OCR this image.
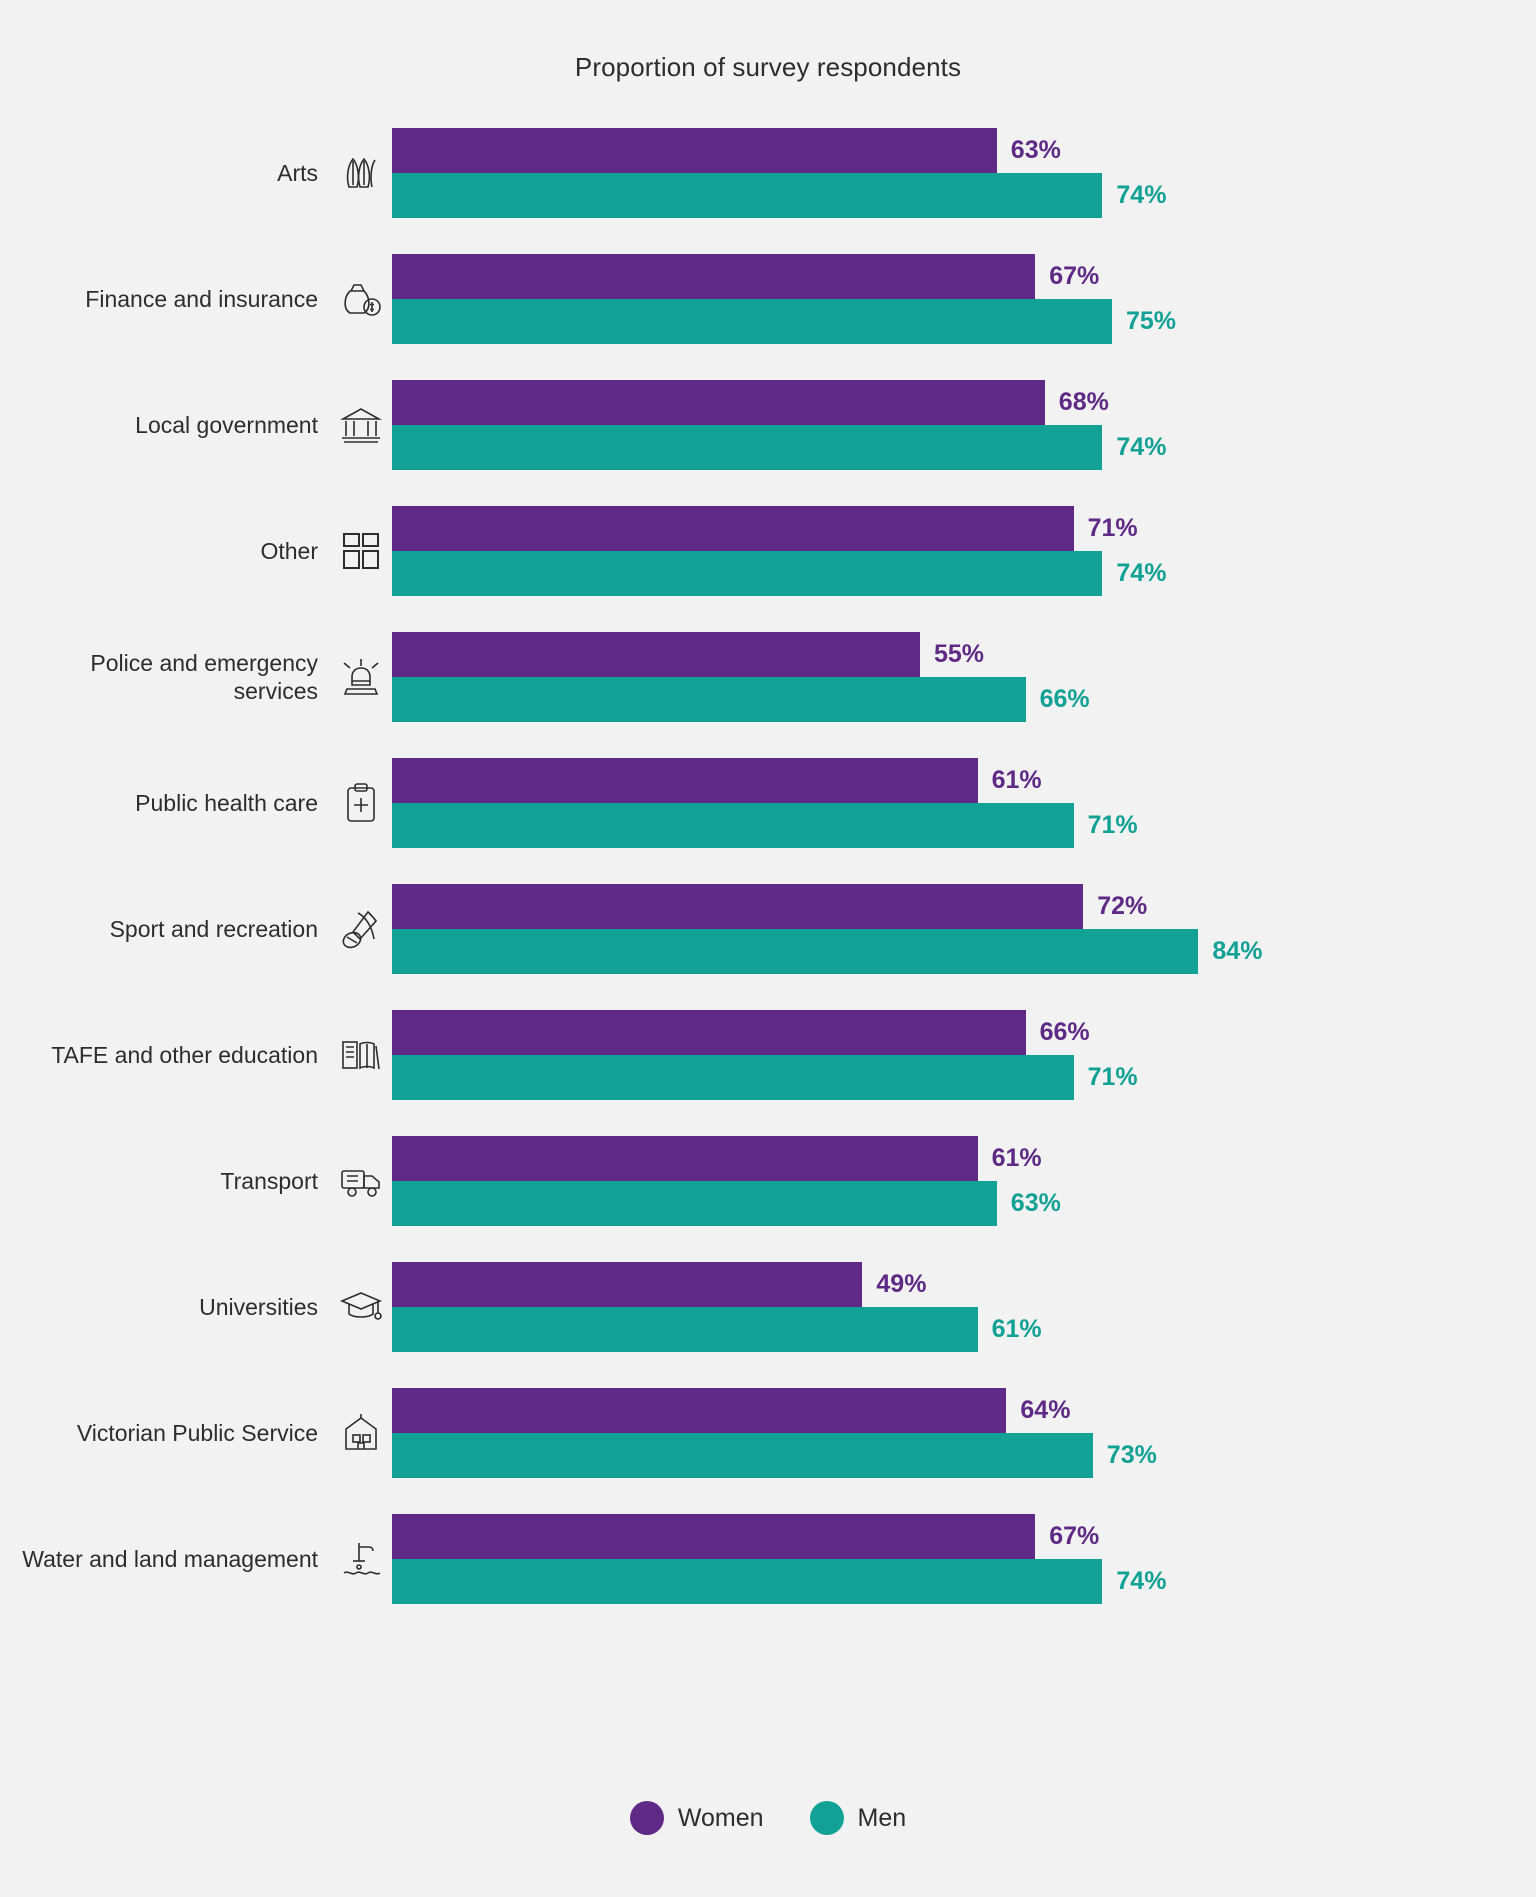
Proportion of survey respondents
Arts
63%
74%
Finance and insurance
67%
75%
Local government
68%
74%
Other
71%
74%
Police and emergency services
55%
66%
Public health care
61%
71%
Sport and recreation
72%
84%
TAFE and other education
66%
71%
Transport
61%
63%
Universities
49%
61%
Victorian Public Service
64%
73%
Water and land management
67%
74%
Women	Men
